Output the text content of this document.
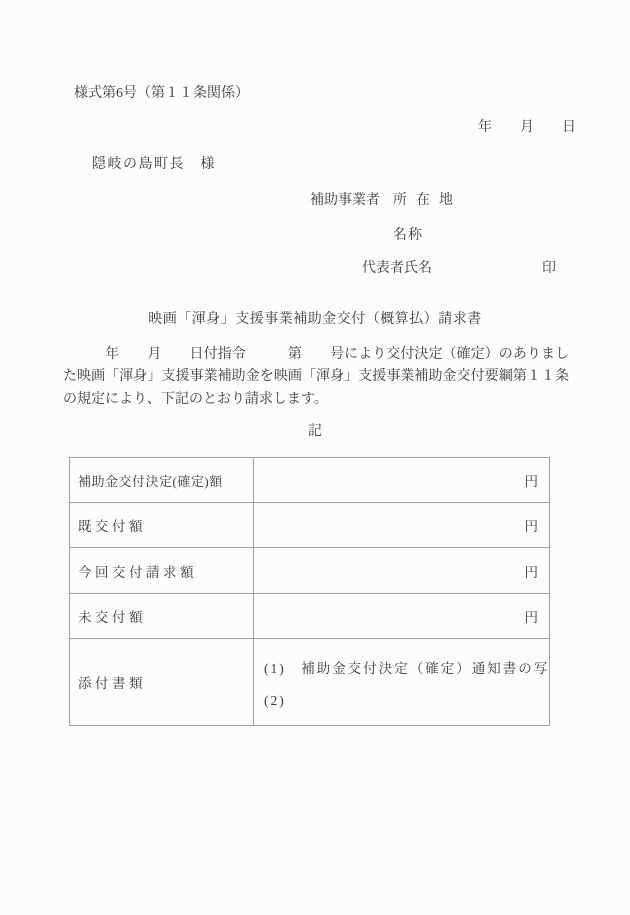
様式第6号（第１１条関係）
年　　月　　日
隠岐の島町長　様
補助事業者 所在地
名称
代表者氏名	印
映画「渾身」支援事業補助金交付（概算払）請求書
　　　年　　月　　日付指令　　　第　　号により交付決定（確定）のありました映画「渾身」支援事業補助金を映画「渾身」支援事業補助金交付要綱第１１条の規定により、下記のとおり請求します。
記
補助金交付決定(確定)額	円
既交付額	円
今回交付請求額	円
未交付額	円
添付書類	(1)　補助金交付決定（確定）通知書の写
(2)
